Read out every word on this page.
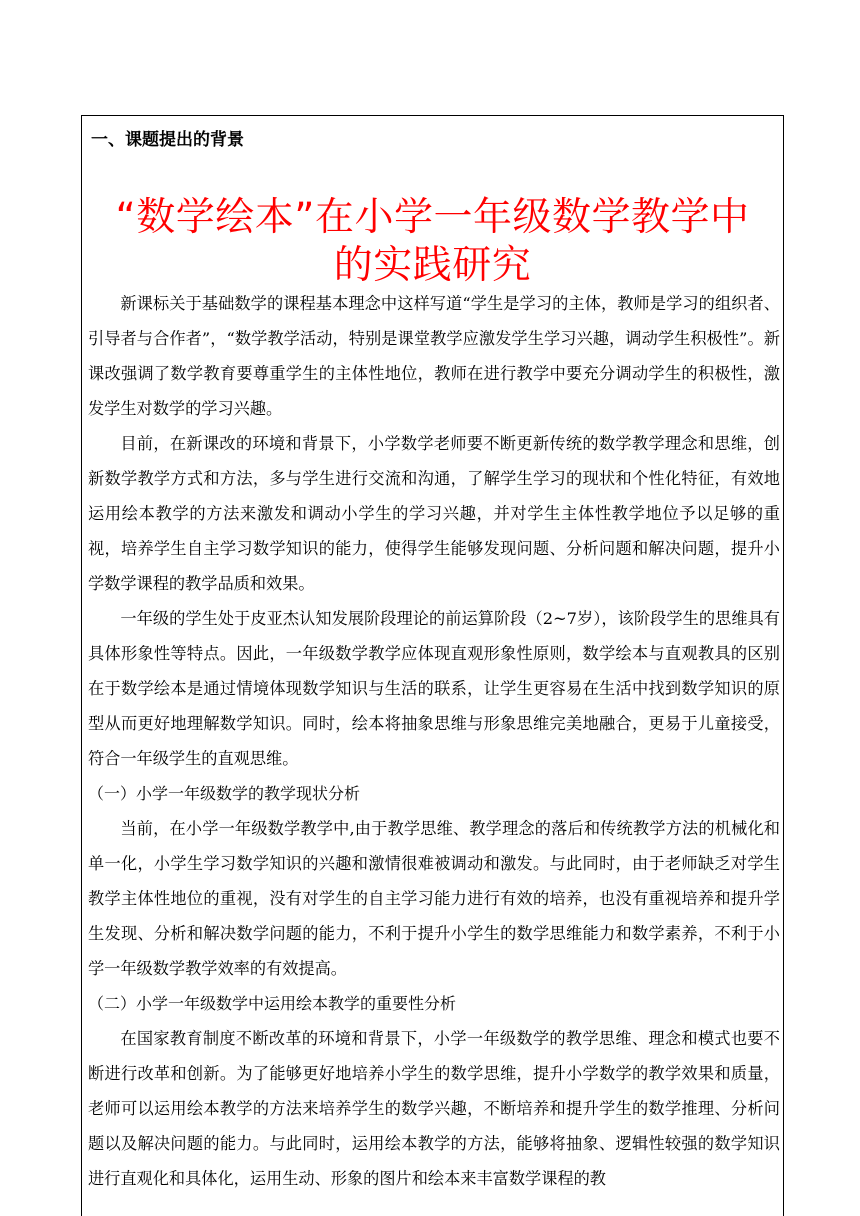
一、课题提出的背景
“数学绘本”在小学一年级数学教学中
的实践研究

新课标关于基础数学的课程基本理念中这样写道“学生是学习的主体，教师是学习的组织者、引导者与合作者”，“数学教学活动，特别是课堂教学应激发学生学习兴趣，调动学生积极性”。新课改强调了数学教育要尊重学生的主体性地位，教师在进行教学中要充分调动学生的积极性，激发学生对数学的学习兴趣。

目前，在新课改的环境和背景下，小学数学老师要不断更新传统的数学教学理念和思维，创新数学教学方式和方法，多与学生进行交流和沟通，了解学生学习的现状和个性化特征，有效地运用绘本教学的方法来激发和调动小学生的学习兴趣，并对学生主体性教学地位予以足够的重视，培养学生自主学习数学知识的能力，使得学生能够发现问题、分析问题和解决问题，提升小学数学课程的教学品质和效果。

一年级的学生处于皮亚杰认知发展阶段理论的前运算阶段（2~7岁），该阶段学生的思维具有具体形象性等特点。因此，一年级数学教学应体现直观形象性原则，数学绘本与直观教具的区别在于数学绘本是通过情境体现数学知识与生活的联系，让学生更容易在生活中找到数学知识的原型从而更好地理解数学知识。同时，绘本将抽象思维与形象思维完美地融合，更易于儿童接受，符合一年级学生的直观思维。

（一）小学一年级数学的教学现状分析

当前，在小学一年级数学教学中,由于教学思维、教学理念的落后和传统教学方法的机械化和单一化，小学生学习数学知识的兴趣和激情很难被调动和激发。与此同时，由于老师缺乏对学生教学主体性地位的重视，没有对学生的自主学习能力进行有效的培养，也没有重视培养和提升学生发现、分析和解决数学问题的能力，不利于提升小学生的数学思维能力和数学素养，不利于小学一年级数学教学效率的有效提高。

（二）小学一年级数学中运用绘本教学的重要性分析

在国家教育制度不断改革的环境和背景下，小学一年级数学的教学思维、理念和模式也要不断进行改革和创新。为了能够更好地培养小学生的数学思维，提升小学数学的教学效果和质量，老师可以运用绘本教学的方法来培养学生的数学兴趣，不断培养和提升学生的数学推理、分析问题以及解决问题的能力。与此同时，运用绘本教学的方法，能够将抽象、逻辑性较强的数学知识进行直观化和具体化，运用生动、形象的图片和绘本来丰富数学课程的教
